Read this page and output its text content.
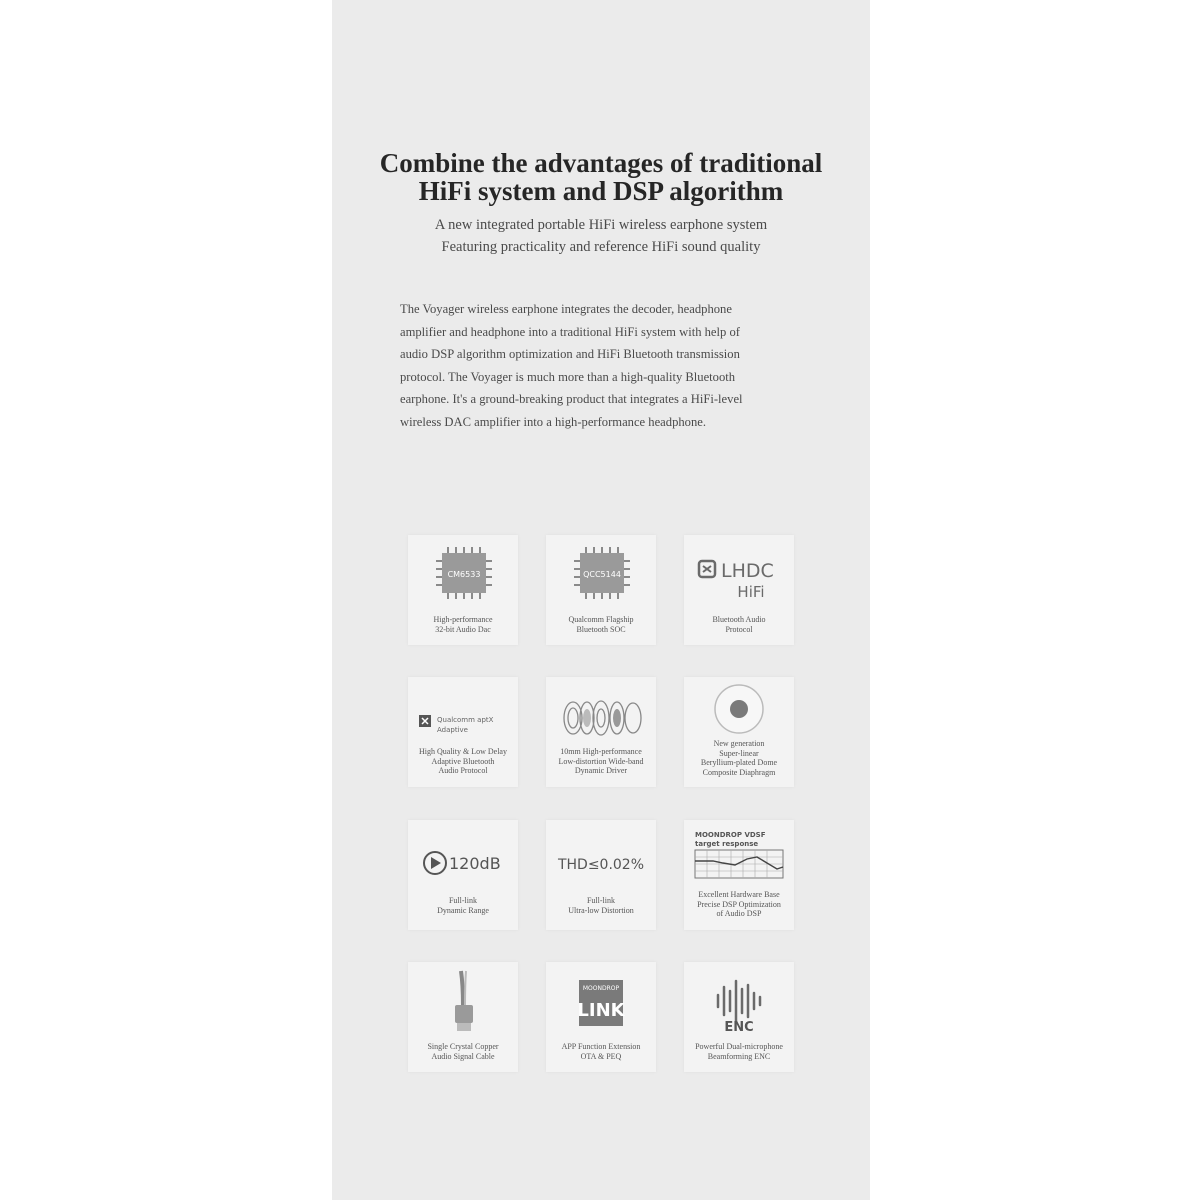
Combine the advantages of traditional
HiFi system and DSP algorithm
A new integrated portable HiFi wireless earphone system
Featuring practicality and reference HiFi sound quality
The Voyager wireless earphone integrates the decoder, headphone
amplifier and headphone into a traditional HiFi system with help of
audio DSP algorithm optimization and HiFi Bluetooth transmission
protocol. The Voyager is much more than a high-quality Bluetooth
earphone. It's a ground-breaking product that integrates a HiFi-level
wireless DAC amplifier into a high-performance headphone.
CM6533
High-performance
32-bit Audio Dac
QCC5144
Qualcomm Flagship
Bluetooth SOC
LHDC
HiFi
Bluetooth Audio
Protocol
Qualcomm aptX
Adaptive
High Quality & Low Delay
Adaptive Bluetooth
Audio Protocol
10mm High-performance
Low-distortion Wide-band
Dynamic Driver
New generation
Super-linear
Beryllium-plated Dome
Composite Diaphragm
120dB
Full-link
Dynamic Range
THD≤0.02%
Full-link
Ultra-low Distortion
MOONDROP VDSF
target response
Excellent Hardware Base
Precise DSP Optimization
of Audio DSP
Single Crystal Copper
Audio Signal Cable
MOONDROP
LINK
APP Function Extension
OTA & PEQ
ENC
Powerful Dual-microphone
Beamforming ENC
